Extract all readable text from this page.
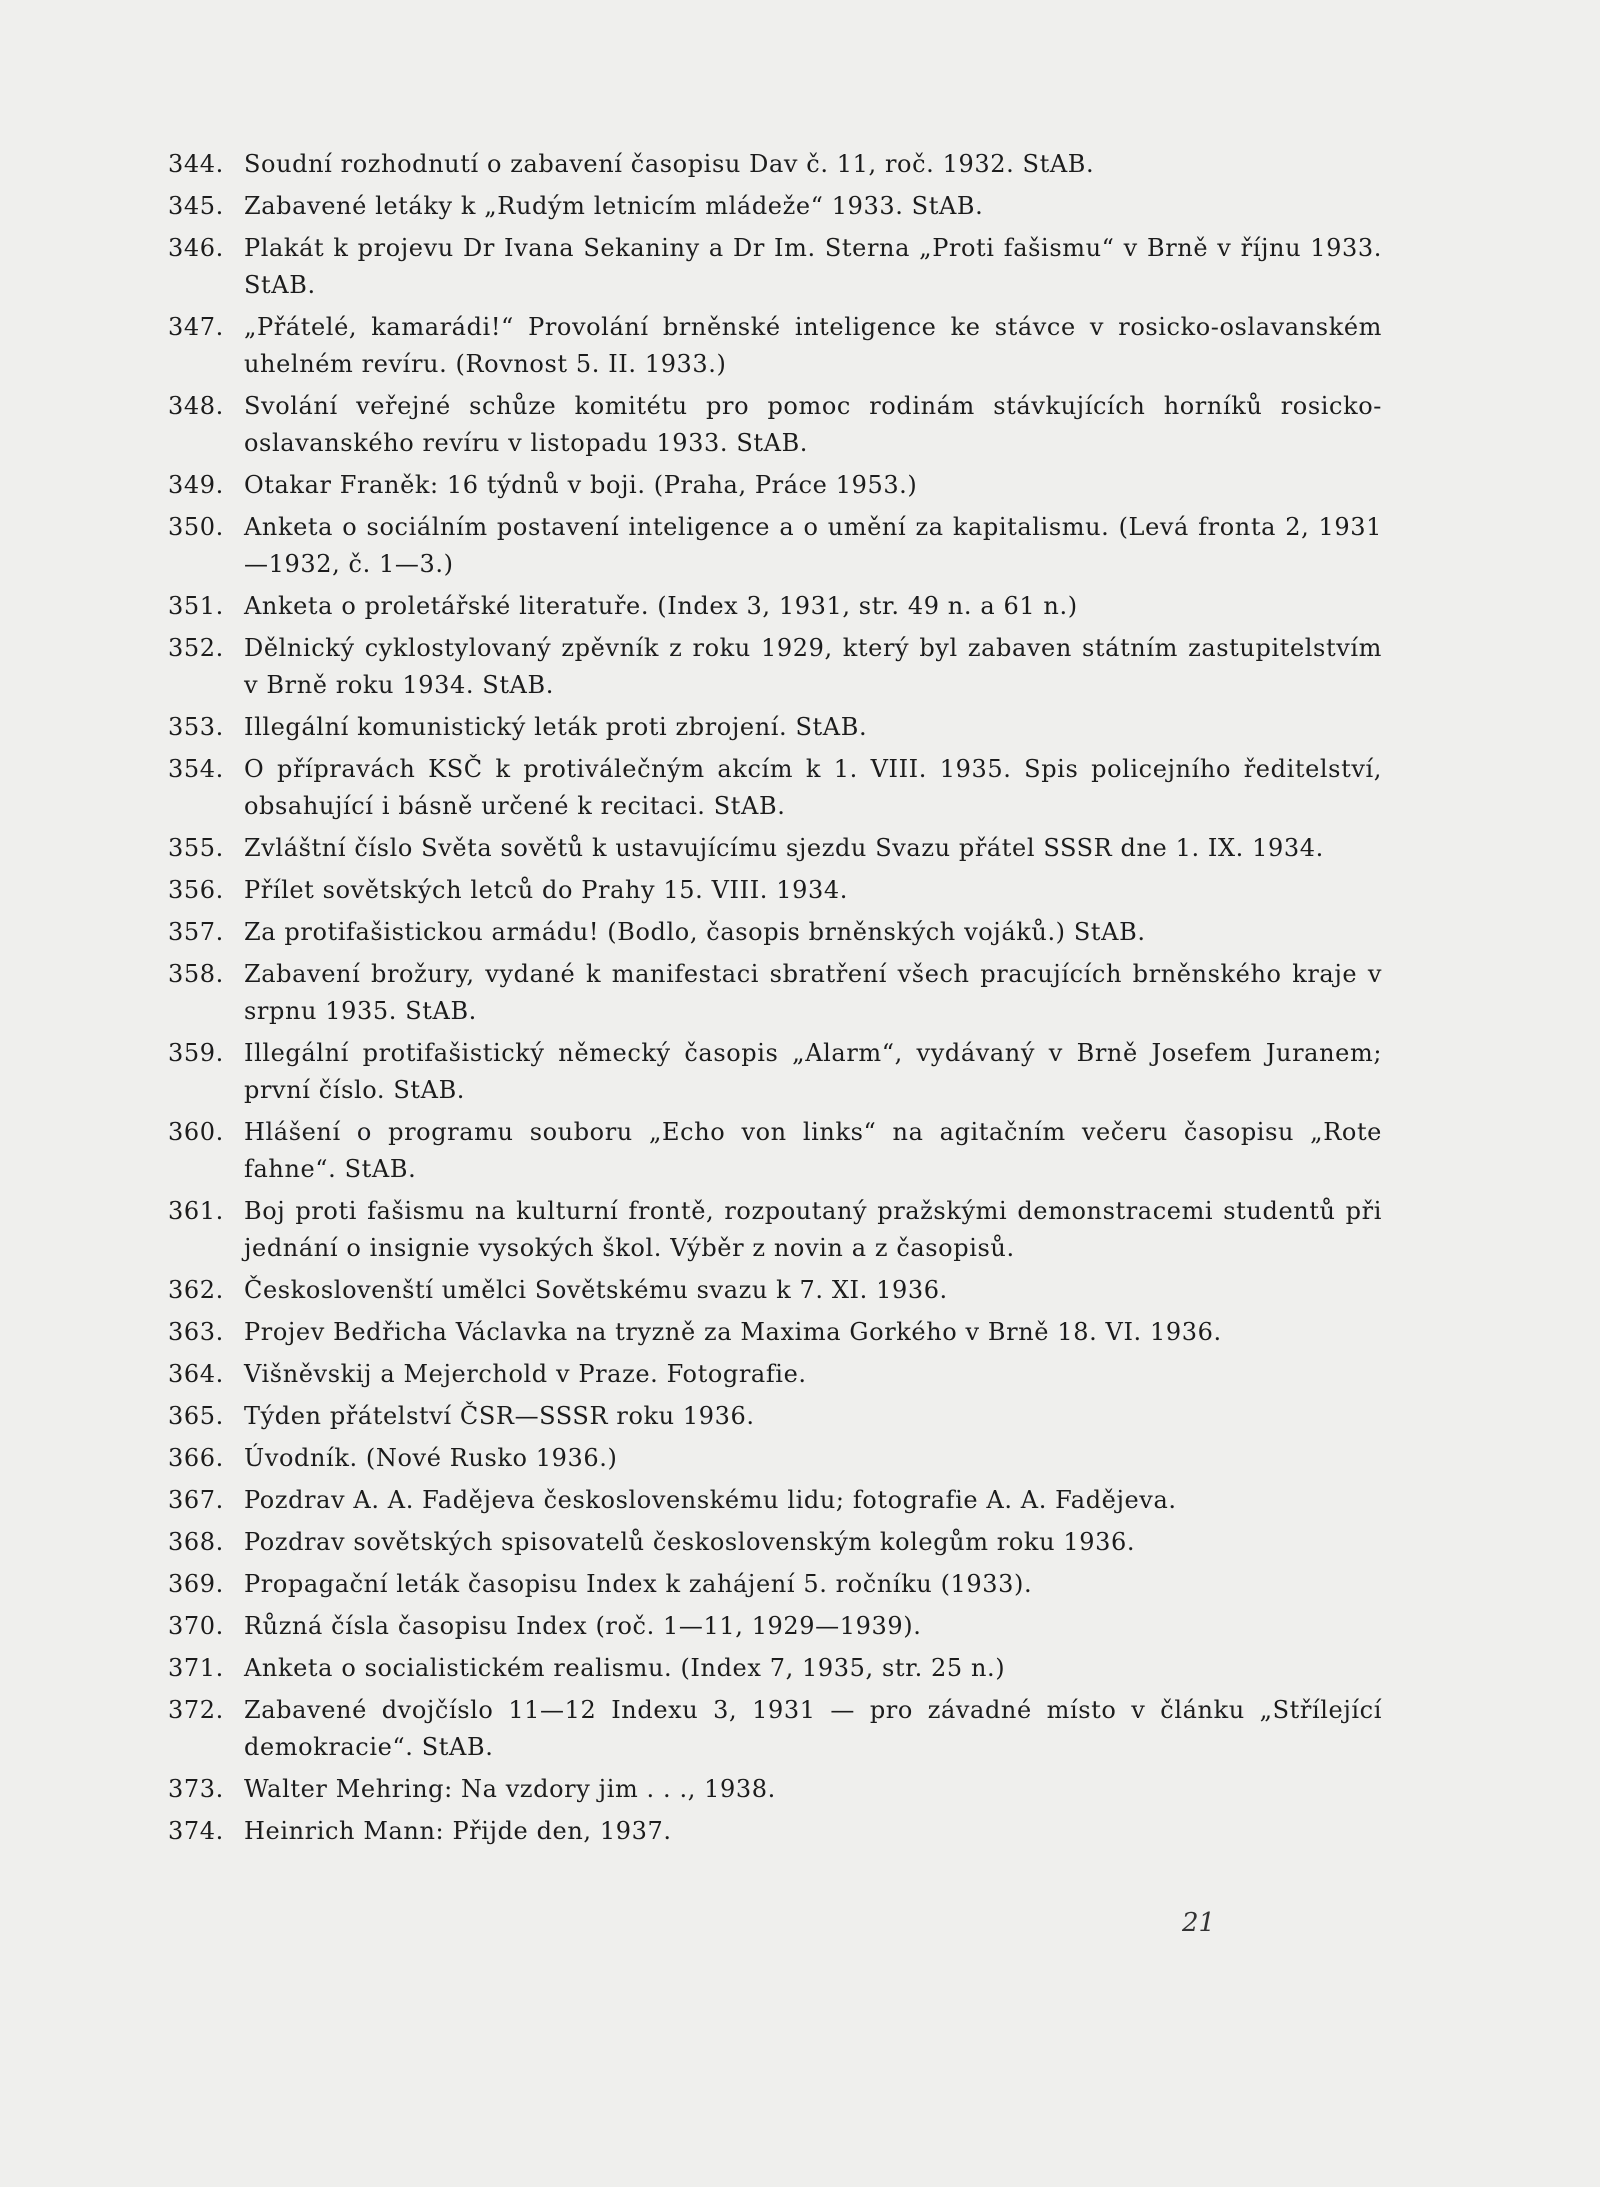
344. Soudní rozhodnutí o zabavení časopisu Dav č. 11, roč. 1932. StAB.
345. Zabavené letáky k „Rudým letnicím mládeže“ 1933. StAB.
346. Plakát k projevu Dr Ivana Sekaniny a Dr Im. Sterna „Proti fašismu“ v Brně v říjnu 1933. StAB.
347. „Přátelé, kamarádi!“ Provolání brněnské inteligence ke stávce v rosicko-oslavanském uhelném revíru. (Rovnost 5. II. 1933.)
348. Svolání veřejné schůze komitétu pro pomoc rodinám stávkujících horníků rosicko-oslavanského revíru v listopadu 1933. StAB.
349. Otakar Franěk: 16 týdnů v boji. (Praha, Práce 1953.)
350. Anketa o sociálním postavení inteligence a o umění za kapitalismu. (Levá fronta 2, 1931—1932, č. 1—3.)
351. Anketa o proletářské literatuře. (Index 3, 1931, str. 49 n. a 61 n.)
352. Dělnický cyklostylovaný zpěvník z roku 1929, který byl zabaven státním zastupitelstvím v Brně roku 1934. StAB.
353. Illegální komunistický leták proti zbrojení. StAB.
354. O přípravách KSČ k protiválečným akcím k 1. VIII. 1935. Spis policejního ředitelství, obsahující i básně určené k recitaci. StAB.
355. Zvláštní číslo Světa sovětů k ustavujícímu sjezdu Svazu přátel SSSR dne 1. IX. 1934.
356. Přílet sovětských letců do Prahy 15. VIII. 1934.
357. Za protifašistickou armádu! (Bodlo, časopis brněnských vojáků.) StAB.
358. Zabavení brožury, vydané k manifestaci sbratření všech pracujících brněnského kraje v srpnu 1935. StAB.
359. Illegální protifašistický německý časopis „Alarm“, vydávaný v Brně Josefem Juranem; první číslo. StAB.
360. Hlášení o programu souboru „Echo von links“ na agitačním večeru časopisu „Rote fahne“. StAB.
361. Boj proti fašismu na kulturní frontě, rozpoutaný pražskými demonstracemi studentů při jednání o insignie vysokých škol. Výběr z novin a z časopisů.
362. Českoslovenští umělci Sovětskému svazu k 7. XI. 1936.
363. Projev Bedřicha Václavka na tryzně za Maxima Gorkého v Brně 18. VI. 1936.
364. Višněvskij a Mejerchold v Praze. Fotografie.
365. Týden přátelství ČSR—SSSR roku 1936.
366. Úvodník. (Nové Rusko 1936.)
367. Pozdrav A. A. Fadějeva československému lidu; fotografie A. A. Fadějeva.
368. Pozdrav sovětských spisovatelů československým kolegům roku 1936.
369. Propagační leták časopisu Index k zahájení 5. ročníku (1933).
370. Různá čísla časopisu Index (roč. 1—11, 1929—1939).
371. Anketa o socialistickém realismu. (Index 7, 1935, str. 25 n.)
372. Zabavené dvojčíslo 11—12 Indexu 3, 1931 — pro závadné místo v článku „Střílející demokracie“. StAB.
373. Walter Mehring: Na vzdory jim . . ., 1938.
374. Heinrich Mann: Přijde den, 1937.
21
